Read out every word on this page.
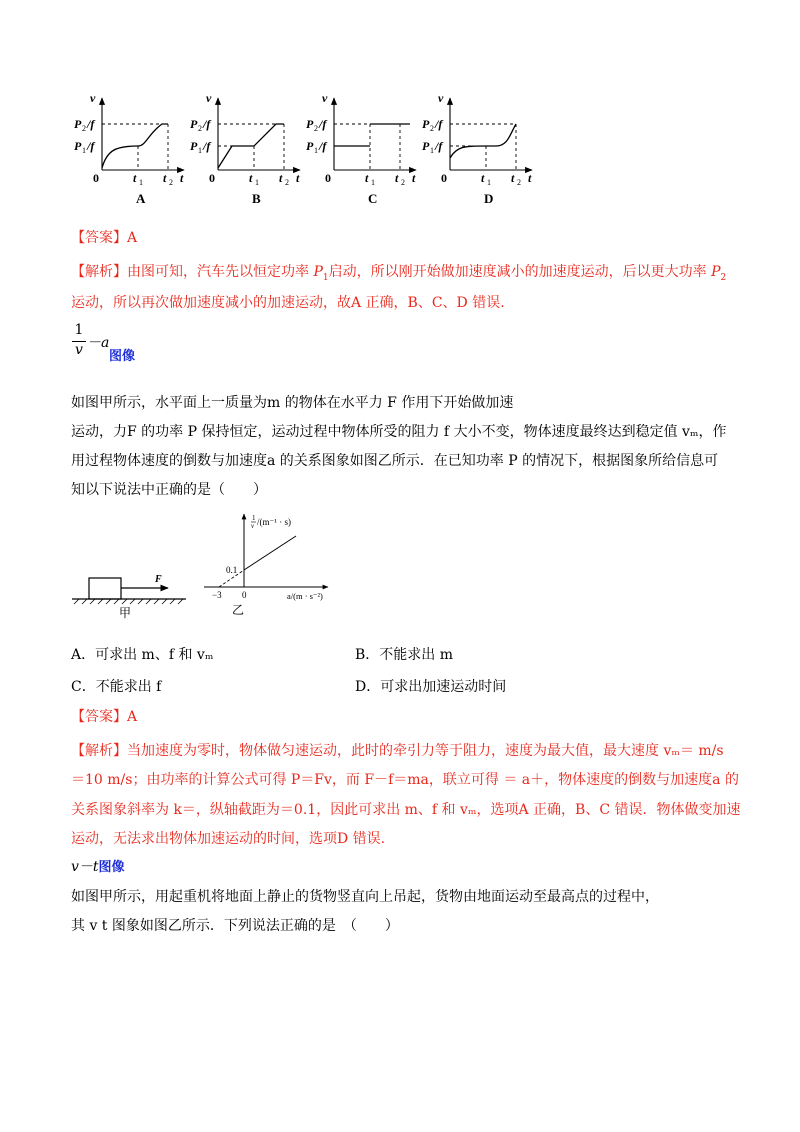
v
t
0	t 1 t 2
P 2 /f
P 1 /f
A
v
t
0	t 1 t 2
P 2 /f
P 1 /f
B
v
t
0	t 1 t 2
P 2 /f
P 1 /f
C
v
t
0	t 1 t 2
P 2 /f
P 1 /f
D
【答案】A
【解析】由图可知，汽车先以恒定功率 $P_1$启动，所以刚开始做加速度减小的加速度运动，后以更大功率 $P_2$
运动，所以再次做加速度减小的加速运动，故A 正确，B、C、D 错误.
1
v －a
图像
如图甲所示，水平面上一质量为m 的物体在水平力 F 作用下开始做加速
运动，力F 的功率 P 保持恒定，运动过程中物体所受的阻力 f 大小不变，物体速度最终达到稳定值 vₘ，作
用过程物体速度的倒数与加速度a 的关系图象如图乙所示．在已知功率 P 的情况下，根据图象所给信息可
知以下说法中正确的是（　　）
F
甲
1
v /(m⁻¹ · s)
a/(m · s⁻²)
0.1
−3 0
乙
A．可求出 m、f 和 vₘ	B．不能求出 m
C．不能求出 f	D．可求出加速运动时间
【答案】A
【解析】当加速度为零时，物体做匀速运动，此时的牵引力等于阻力，速度为最大值，最大速度 vₘ＝ m/s
＝10 m/s；由功率的计算公式可得 P＝Fv，而 F－f＝ma，联立可得 ＝ a＋，物体速度的倒数与加速度a 的
关系图象斜率为 k＝，纵轴截距为＝0.1，因此可求出 m、f 和 vₘ，选项A 正确，B、C 错误．物体做变加速
运动，无法求出物体加速运动的时间，选项D 错误.
v－t图像
如图甲所示，用起重机将地面上静止的货物竖直向上吊起，货物由地面运动至最高点的过程中，
其 v t 图象如图乙所示．下列说法正确的是　（　　）
